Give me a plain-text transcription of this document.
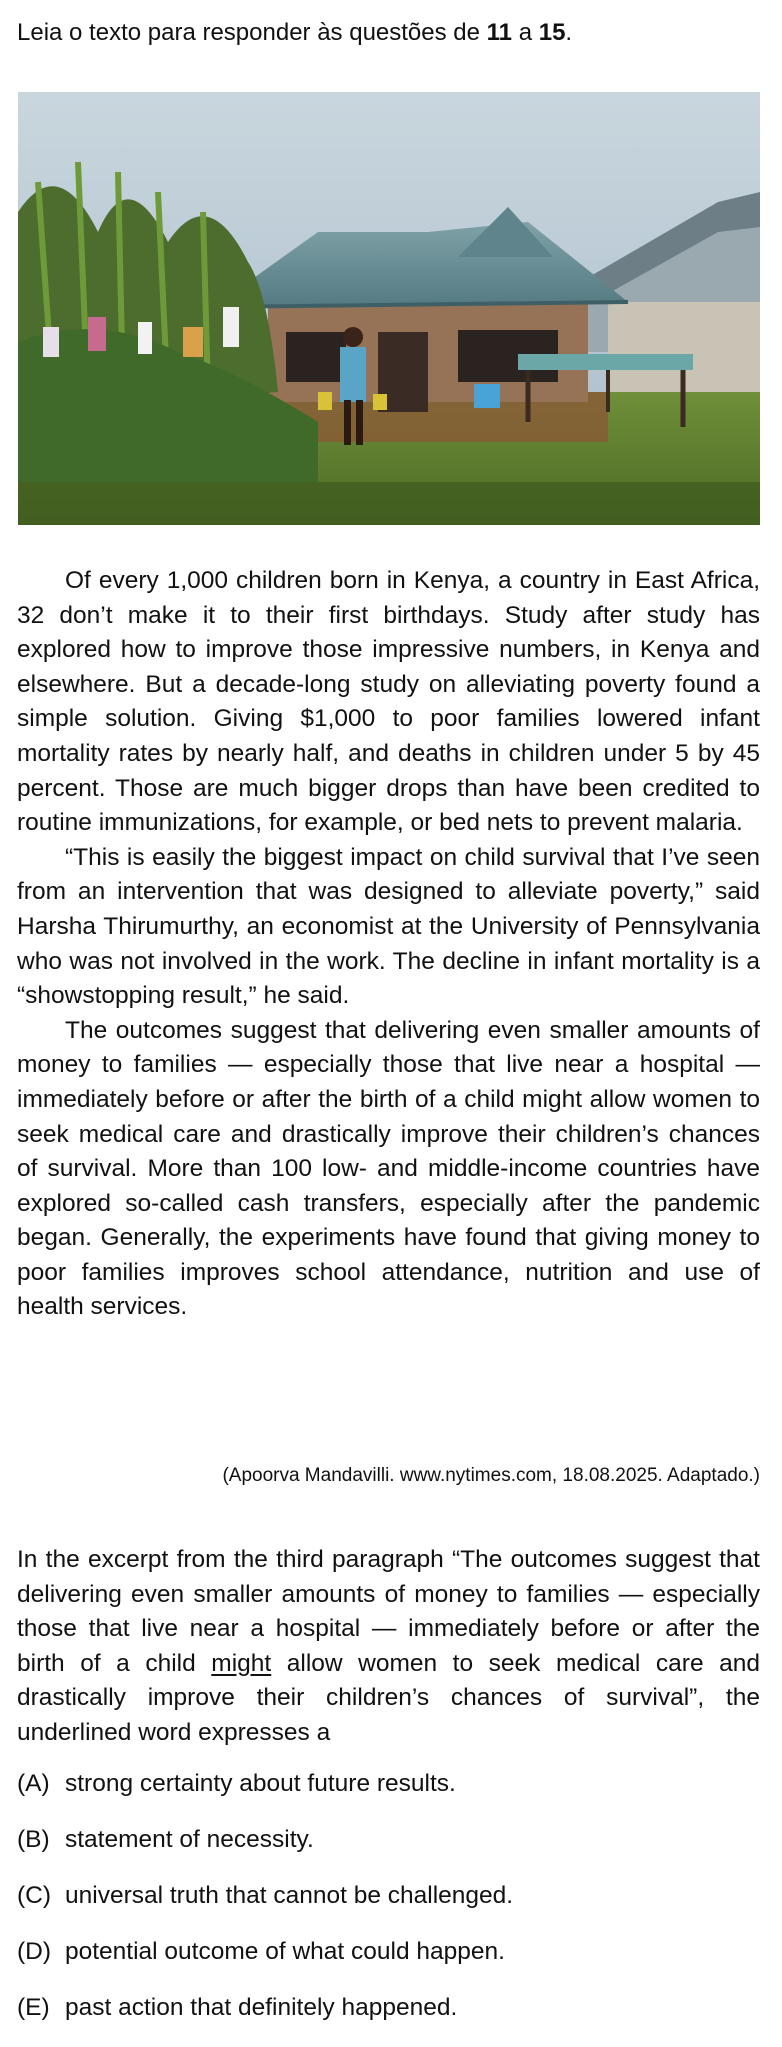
Leia o texto para responder às questões de 11 a 15.

Of every 1,000 children born in Kenya, a country in East Africa, 32 don’t make it to their first birthdays. Study after study has explored how to improve those impressive numbers, in Kenya and elsewhere. But a decade-long study on alleviating poverty found a simple solution. Giving $1,000 to poor families lowered infant mortality rates by nearly half, and deaths in children under 5 by 45 percent. Those are much bigger drops than have been credited to routine immunizations, for example, or bed nets to prevent malaria.

“This is easily the biggest impact on child survival that I’ve seen from an intervention that was designed to alleviate poverty,” said Harsha Thirumurthy, an economist at the University of Pennsylvania who was not involved in the work. The decline in infant mortality is a “showstopping result,” he said.

The outcomes suggest that delivering even smaller amounts of money to families — especially those that live near a hospital — immediately before or after the birth of a child might allow women to seek medical care and drastically improve their children’s chances of survival. More than 100 low- and middle-income countries have explored so-called cash transfers, especially after the pandemic began. Generally, the experiments have found that giving money to poor families improves school attendance, nutrition and use of health services.

(Apoorva Mandavilli. www.nytimes.com, 18.08.2025. Adaptado.)

In the excerpt from the third paragraph “The outcomes suggest that delivering even smaller amounts of money to families — especially those that live near a hospital — immediately before or after the birth of a child might allow women to seek medical care and drastically improve their children’s chances of survival”, the underlined word expresses a

(A) strong certainty about future results.
(B) statement of necessity.
(C) universal truth that cannot be challenged.
(D) potential outcome of what could happen.
(E) past action that definitely happened.
